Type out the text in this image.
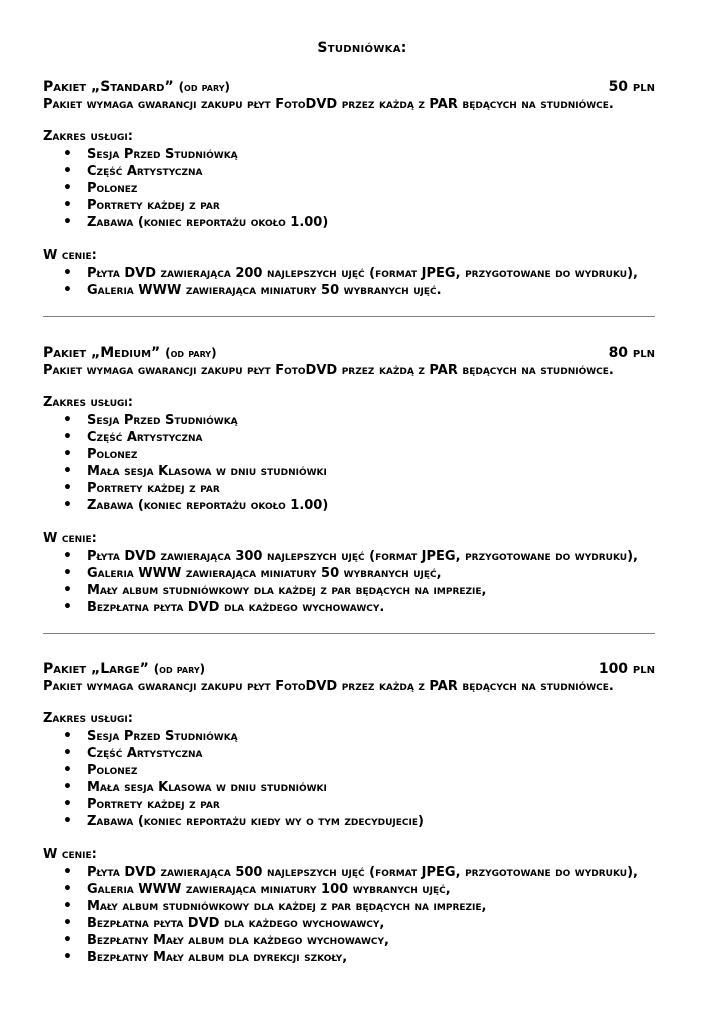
Studniówka:
Pakiet „Standard” (od pary)	50 pln
Pakiet wymaga gwarancji zakupu płyt FotoDVD przez każdą z PAR będących na studniówce.
Zakres usługi:
• Sesja Przed Studniówką
• Część Artystyczna
• Polonez
• Portrety każdej z par
• Zabawa (koniec reportażu około 1.00)
W cenie:
• Płyta DVD zawierająca 200 najlepszych ujęć (format JPEG, przygotowane do wydruku),
• Galeria WWW zawierająca miniatury 50 wybranych ujęć.
Pakiet „Medium” (od pary)	80 pln
Pakiet wymaga gwarancji zakupu płyt FotoDVD przez każdą z PAR będących na studniówce.
Zakres usługi:
• Sesja Przed Studniówką
• Część Artystyczna
• Polonez
• Mała sesja Klasowa w dniu studniówki
• Portrety każdej z par
• Zabawa (koniec reportażu około 1.00)
W cenie:
• Płyta DVD zawierająca 300 najlepszych ujęć (format JPEG, przygotowane do wydruku),
• Galeria WWW zawierająca miniatury 50 wybranych ujęć,
• Mały album studniówkowy dla każdej z par będących na imprezie,
• Bezpłatna płyta DVD dla każdego wychowawcy.
Pakiet „Large” (od pary)	100 pln
Pakiet wymaga gwarancji zakupu płyt FotoDVD przez każdą z PAR będących na studniówce.
Zakres usługi:
• Sesja Przed Studniówką
• Część Artystyczna
• Polonez
• Mała sesja Klasowa w dniu studniówki
• Portrety każdej z par
• Zabawa (koniec reportażu kiedy wy o tym zdecydujecie)
W cenie:
• Płyta DVD zawierająca 500 najlepszych ujęć (format JPEG, przygotowane do wydruku),
• Galeria WWW zawierająca miniatury 100 wybranych ujęć,
• Mały album studniówkowy dla każdej z par będących na imprezie,
• Bezpłatna płyta DVD dla każdego wychowawcy,
• Bezpłatny Mały album dla każdego wychowawcy,
• Bezpłatny Mały album dla dyrekcji szkoły,
